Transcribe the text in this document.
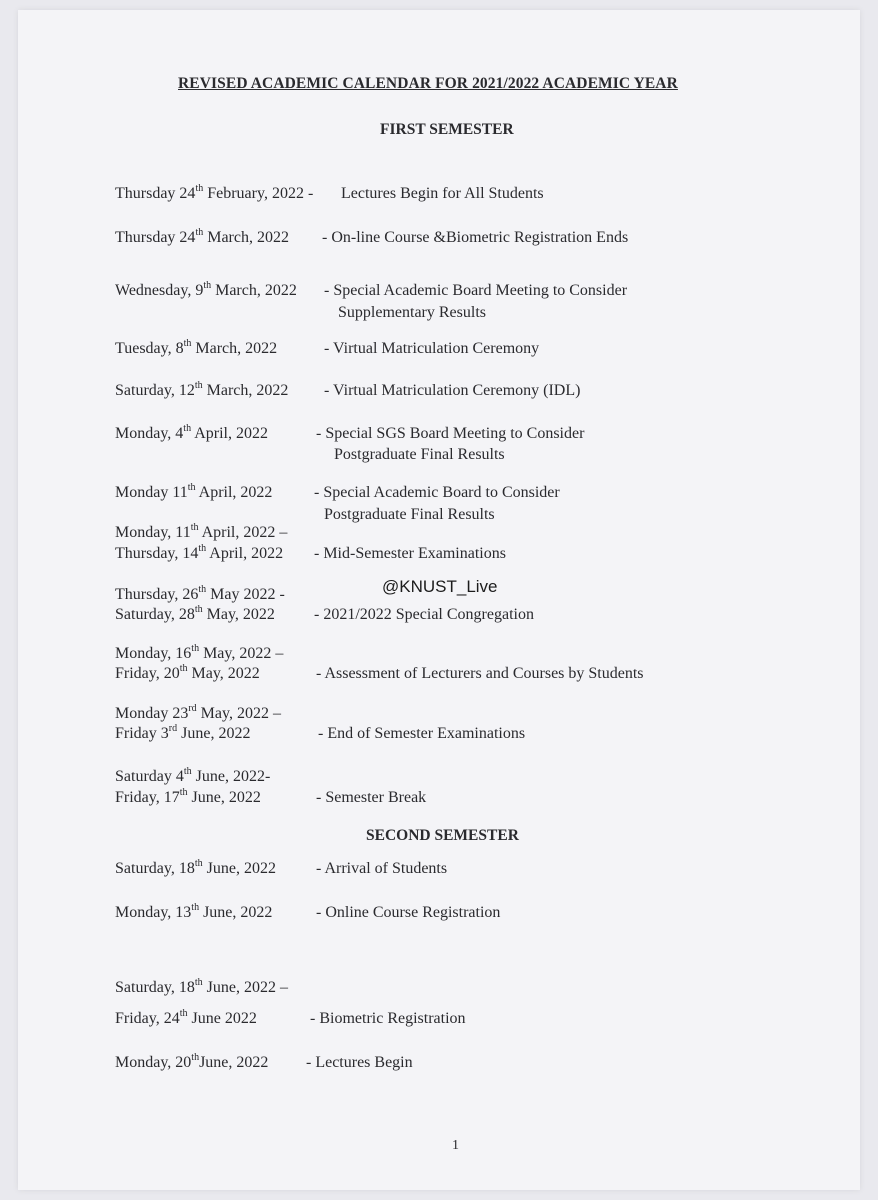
REVISED ACADEMIC CALENDAR FOR 2021/2022 ACADEMIC YEAR
FIRST SEMESTER
Thursday 24th February, 2022 - Lectures Begin for All Students
Thursday 24th March, 2022 - On-line Course &Biometric Registration Ends
Wednesday, 9th March, 2022 - Special Academic Board Meeting to Consider
Supplementary Results
Tuesday, 8th March, 2022	- Virtual Matriculation Ceremony
Saturday, 12th March, 2022 - Virtual Matriculation Ceremony (IDL)
Monday, 4th April, 2022	- Special SGS Board Meeting to Consider
Postgraduate Final Results
Monday 11th April, 2022	- Special Academic Board to Consider
Postgraduate Final Results
Monday, 11th April, 2022 –
Thursday, 14th April, 2022 - Mid-Semester Examinations
@KNUST_Live
Thursday, 26th May 2022 -
Saturday, 28th May, 2022 - 2021/2022 Special Congregation
Monday, 16th May, 2022 –
Friday, 20th May, 2022	- Assessment of Lecturers and Courses by Students
Monday 23rd May, 2022 –
Friday 3rd June, 2022	- End of Semester Examinations
Saturday 4th June, 2022-
Friday, 17th June, 2022	- Semester Break
SECOND SEMESTER
Saturday, 18th June, 2022	- Arrival of Students
Monday, 13th June, 2022	- Online Course Registration
Saturday, 18th June, 2022 –
Friday, 24th June 2022	- Biometric Registration
Monday, 20thJune, 2022 - Lectures Begin
1
